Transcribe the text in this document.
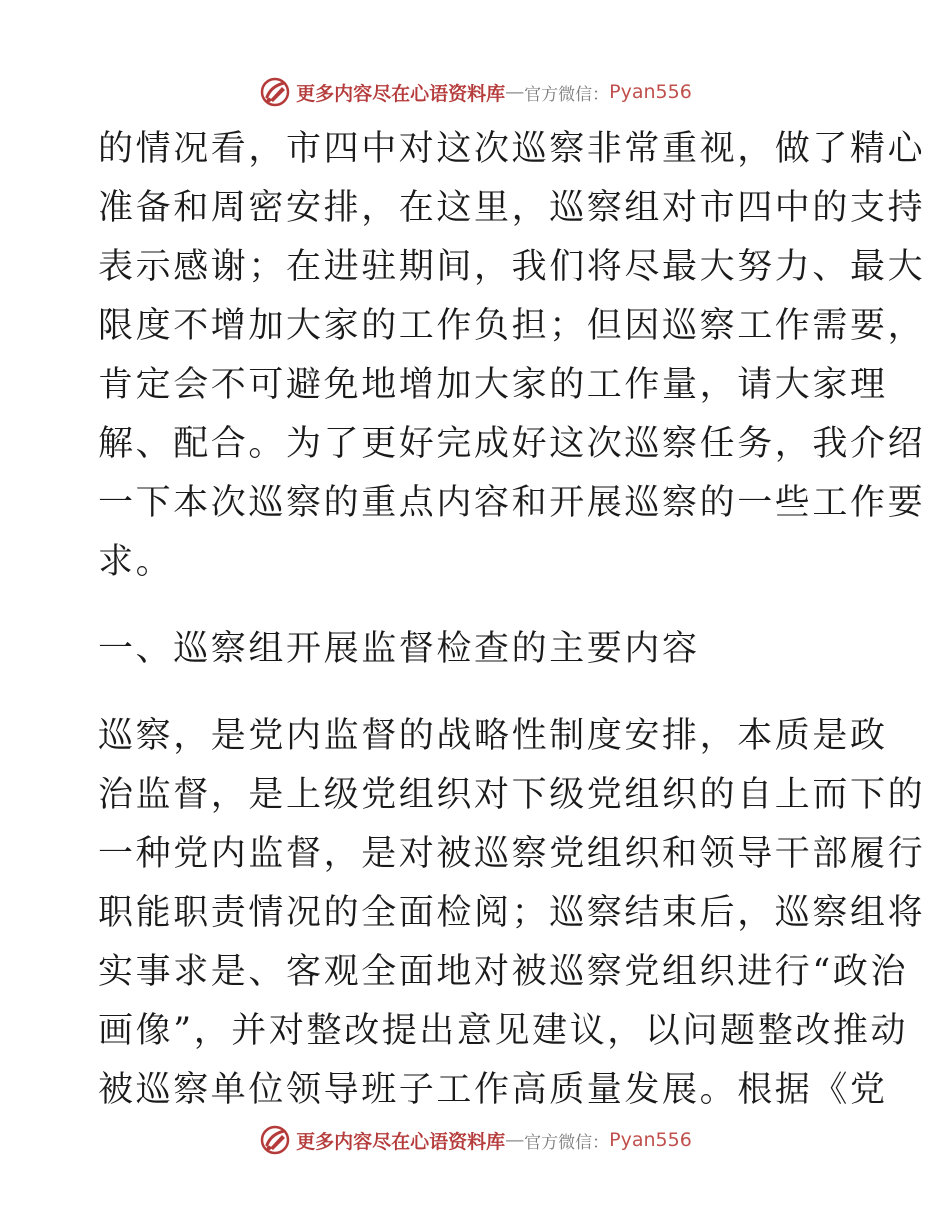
更多内容尽在心语资料库 — 官方微信： Pyan556
的情况看，市四中对这次巡察非常重视，做了精心
准备和周密安排，在这里，巡察组对市四中的支持
表示感谢；在进驻期间，我们将尽最大努力、最大
限度不增加大家的工作负担；但因巡察工作需要，
肯定会不可避免地增加大家的工作量，请大家理
解、配合。为了更好完成好这次巡察任务，我介绍
一下本次巡察的重点内容和开展巡察的一些工作要
求。
一、巡察组开展监督检查的主要内容
巡察，是党内监督的战略性制度安排，本质是政
治监督，是上级党组织对下级党组织的自上而下的
一种党内监督，是对被巡察党组织和领导干部履行
职能职责情况的全面检阅；巡察结束后，巡察组将
实事求是、客观全面地对被巡察党组织进行“政治
画像”，并对整改提出意见建议，以问题整改推动
被巡察单位领导班子工作高质量发展。根据《党
更多内容尽在心语资料库 — 官方微信： Pyan556
